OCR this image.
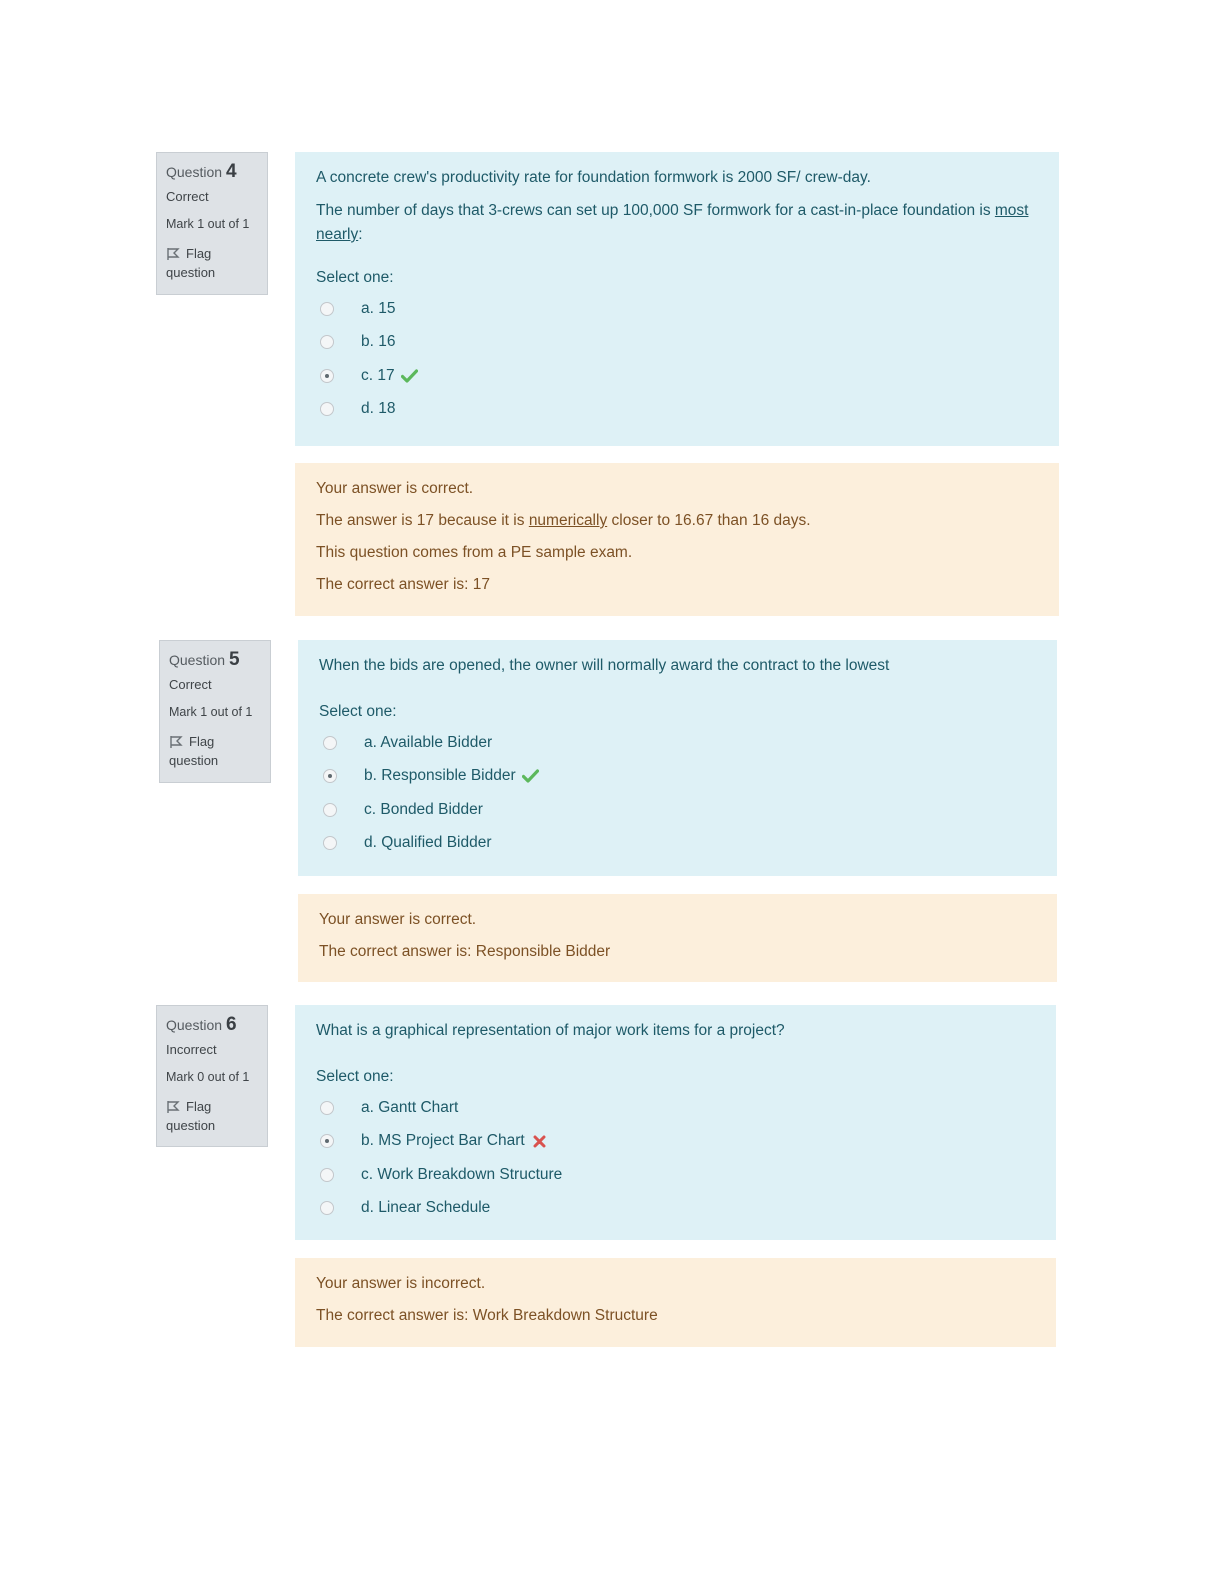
Question 4
Correct
Mark 1 out of 1
Flag
question

A concrete crew's productivity rate for foundation formwork is 2000 SF/ crew-day.

The number of days that 3-crews can set up 100,000 SF formwork for a cast-in-place foundation is most nearly:

Select one:
a. 15
b. 16
c. 17
d. 18

Your answer is correct.

The answer is 17 because it is numerically closer to 16.67 than 16 days.

This question comes from a PE sample exam.

The correct answer is: 17

Question 5
Correct
Mark 1 out of 1
Flag
question

When the bids are opened, the owner will normally award the contract to the lowest

Select one:
a. Available Bidder
b. Responsible Bidder
c. Bonded Bidder
d. Qualified Bidder

Your answer is correct.

The correct answer is: Responsible Bidder

Question 6
Incorrect
Mark 0 out of 1
Flag
question

What is a graphical representation of major work items for a project?

Select one:
a. Gantt Chart
b. MS Project Bar Chart
c. Work Breakdown Structure
d. Linear Schedule

Your answer is incorrect.

The correct answer is: Work Breakdown Structure
